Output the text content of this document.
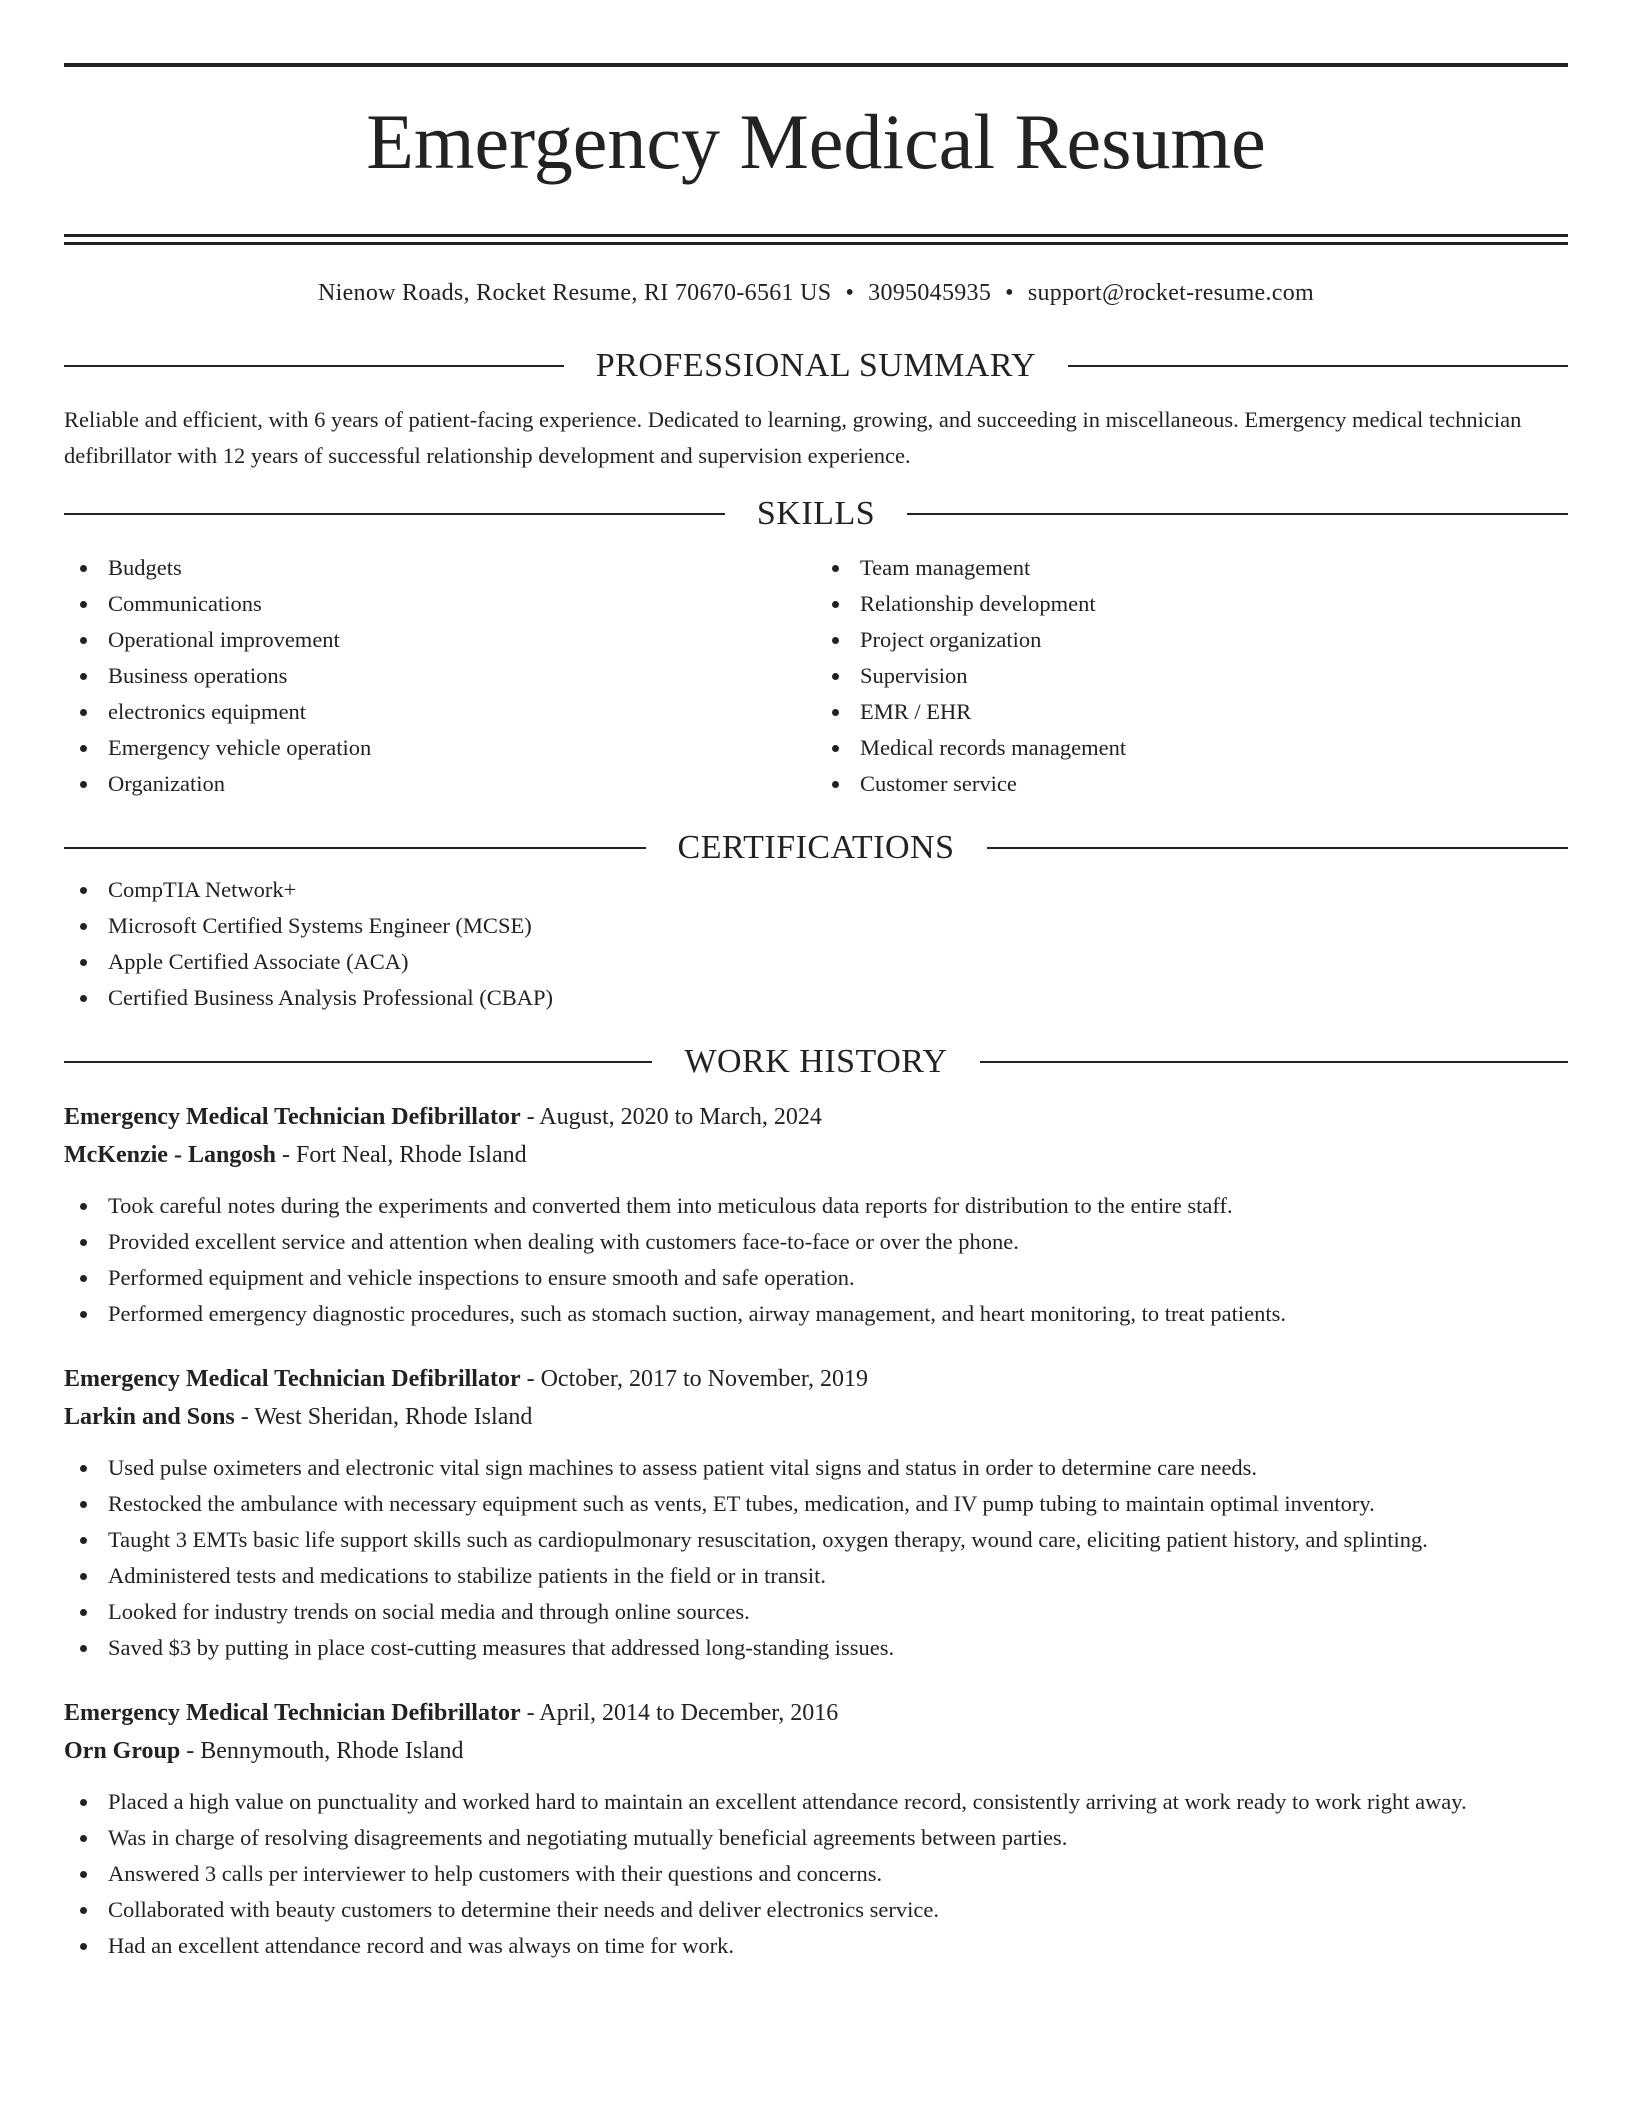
Emergency Medical Resume
Nienow Roads, Rocket Resume, RI 70670-6561 US • 3095045935 • support@rocket-resume.com
PROFESSIONAL SUMMARY

Reliable and efficient, with 6 years of patient-facing experience. Dedicated to learning, growing, and succeeding in miscellaneous. Emergency medical technician defibrillator with 12 years of successful relationship development and supervision experience.

SKILLS
Budgets
Communications
Operational improvement
Business operations
electronics equipment
Emergency vehicle operation
Organization
Team management
Relationship development
Project organization
Supervision
EMR / EHR
Medical records management
Customer service
CERTIFICATIONS
CompTIA Network+
Microsoft Certified Systems Engineer (MCSE)
Apple Certified Associate (ACA)
Certified Business Analysis Professional (CBAP)
WORK HISTORY
Emergency Medical Technician Defibrillator - August, 2020 to March, 2024
McKenzie - Langosh - Fort Neal, Rhode Island
Took careful notes during the experiments and converted them into meticulous data reports for distribution to the entire staff.
Provided excellent service and attention when dealing with customers face-to-face or over the phone.
Performed equipment and vehicle inspections to ensure smooth and safe operation.
Performed emergency diagnostic procedures, such as stomach suction, airway management, and heart monitoring, to treat patients.
Emergency Medical Technician Defibrillator - October, 2017 to November, 2019
Larkin and Sons - West Sheridan, Rhode Island
Used pulse oximeters and electronic vital sign machines to assess patient vital signs and status in order to determine care needs.
Restocked the ambulance with necessary equipment such as vents, ET tubes, medication, and IV pump tubing to maintain optimal inventory.
Taught 3 EMTs basic life support skills such as cardiopulmonary resuscitation, oxygen therapy, wound care, eliciting patient history, and splinting.
Administered tests and medications to stabilize patients in the field or in transit.
Looked for industry trends on social media and through online sources.
Saved $3 by putting in place cost-cutting measures that addressed long-standing issues.
Emergency Medical Technician Defibrillator - April, 2014 to December, 2016
Orn Group - Bennymouth, Rhode Island
Placed a high value on punctuality and worked hard to maintain an excellent attendance record, consistently arriving at work ready to work right away.
Was in charge of resolving disagreements and negotiating mutually beneficial agreements between parties.
Answered 3 calls per interviewer to help customers with their questions and concerns.
Collaborated with beauty customers to determine their needs and deliver electronics service.
Had an excellent attendance record and was always on time for work.
